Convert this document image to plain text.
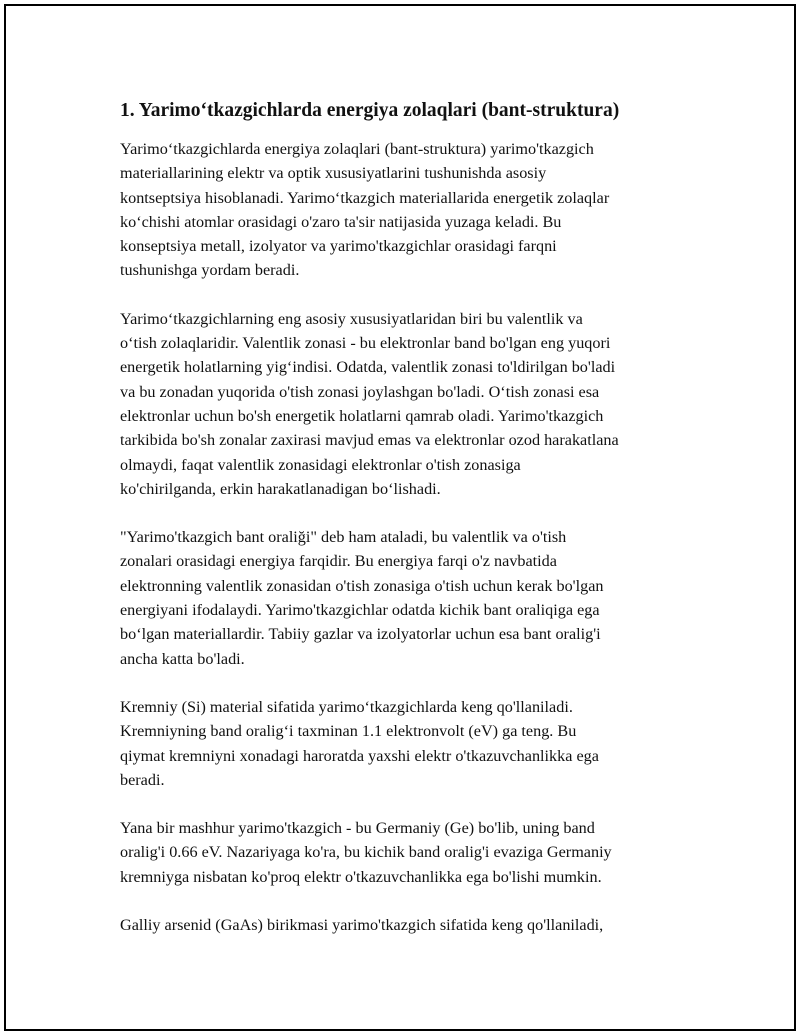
1. Yarimo‘tkazgichlarda energiya zolaqlari (bant-struktura)

Yarimo‘tkazgichlarda energiya zolaqlari (bant-struktura) yarimo'tkazgich
materiallarining elektr va optik xususiyatlarini tushunishda asosiy
kontseptsiya hisoblanadi. Yarimo‘tkazgich materiallarida energetik zolaqlar
ko‘chishi atomlar orasidagi o'zaro ta'sir natijasida yuzaga keladi. Bu
konseptsiya metall, izolyator va yarimo'tkazgichlar orasidagi farqni
tushunishga yordam beradi.

Yarimo‘tkazgichlarning eng asosiy xususiyatlaridan biri bu valentlik va
o‘tish zolaqlaridir. Valentlik zonasi - bu elektronlar band bo'lgan eng yuqori
energetik holatlarning yig‘indisi. Odatda, valentlik zonasi to'ldirilgan bo'ladi
va bu zonadan yuqorida o'tish zonasi joylashgan bo'ladi. O‘tish zonasi esa
elektronlar uchun bo'sh energetik holatlarni qamrab oladi. Yarimo'tkazgich
tarkibida bo'sh zonalar zaxirasi mavjud emas va elektronlar ozod harakatlana
olmaydi, faqat valentlik zonasidagi elektronlar o'tish zonasiga
ko'chirilganda, erkin harakatlanadigan bo‘lishadi.

"Yarimo'tkazgich bant oraliği" deb ham ataladi, bu valentlik va o'tish
zonalari orasidagi energiya farqidir. Bu energiya farqi o'z navbatida
elektronning valentlik zonasidan o'tish zonasiga o'tish uchun kerak bo'lgan
energiyani ifodalaydi. Yarimo'tkazgichlar odatda kichik bant oraliqiga ega
bo‘lgan materiallardir. Tabiiy gazlar va izolyatorlar uchun esa bant oralig'i
ancha katta bo'ladi.

Kremniy (Si) material sifatida yarimo‘tkazgichlarda keng qo'llaniladi.
Kremniyning band oralig‘i taxminan 1.1 elektronvolt (eV) ga teng. Bu
qiymat kremniyni xonadagi haroratda yaxshi elektr o'tkazuvchanlikka ega
beradi.

Yana bir mashhur yarimo'tkazgich - bu Germaniy (Ge) bo'lib, uning band
oralig'i 0.66 eV. Nazariyaga ko'ra, bu kichik band oralig'i evaziga Germaniy
kremniyga nisbatan ko'proq elektr o'tkazuvchanlikka ega bo'lishi mumkin.

Galliy arsenid (GaAs) birikmasi yarimo'tkazgich sifatida keng qo'llaniladi,
